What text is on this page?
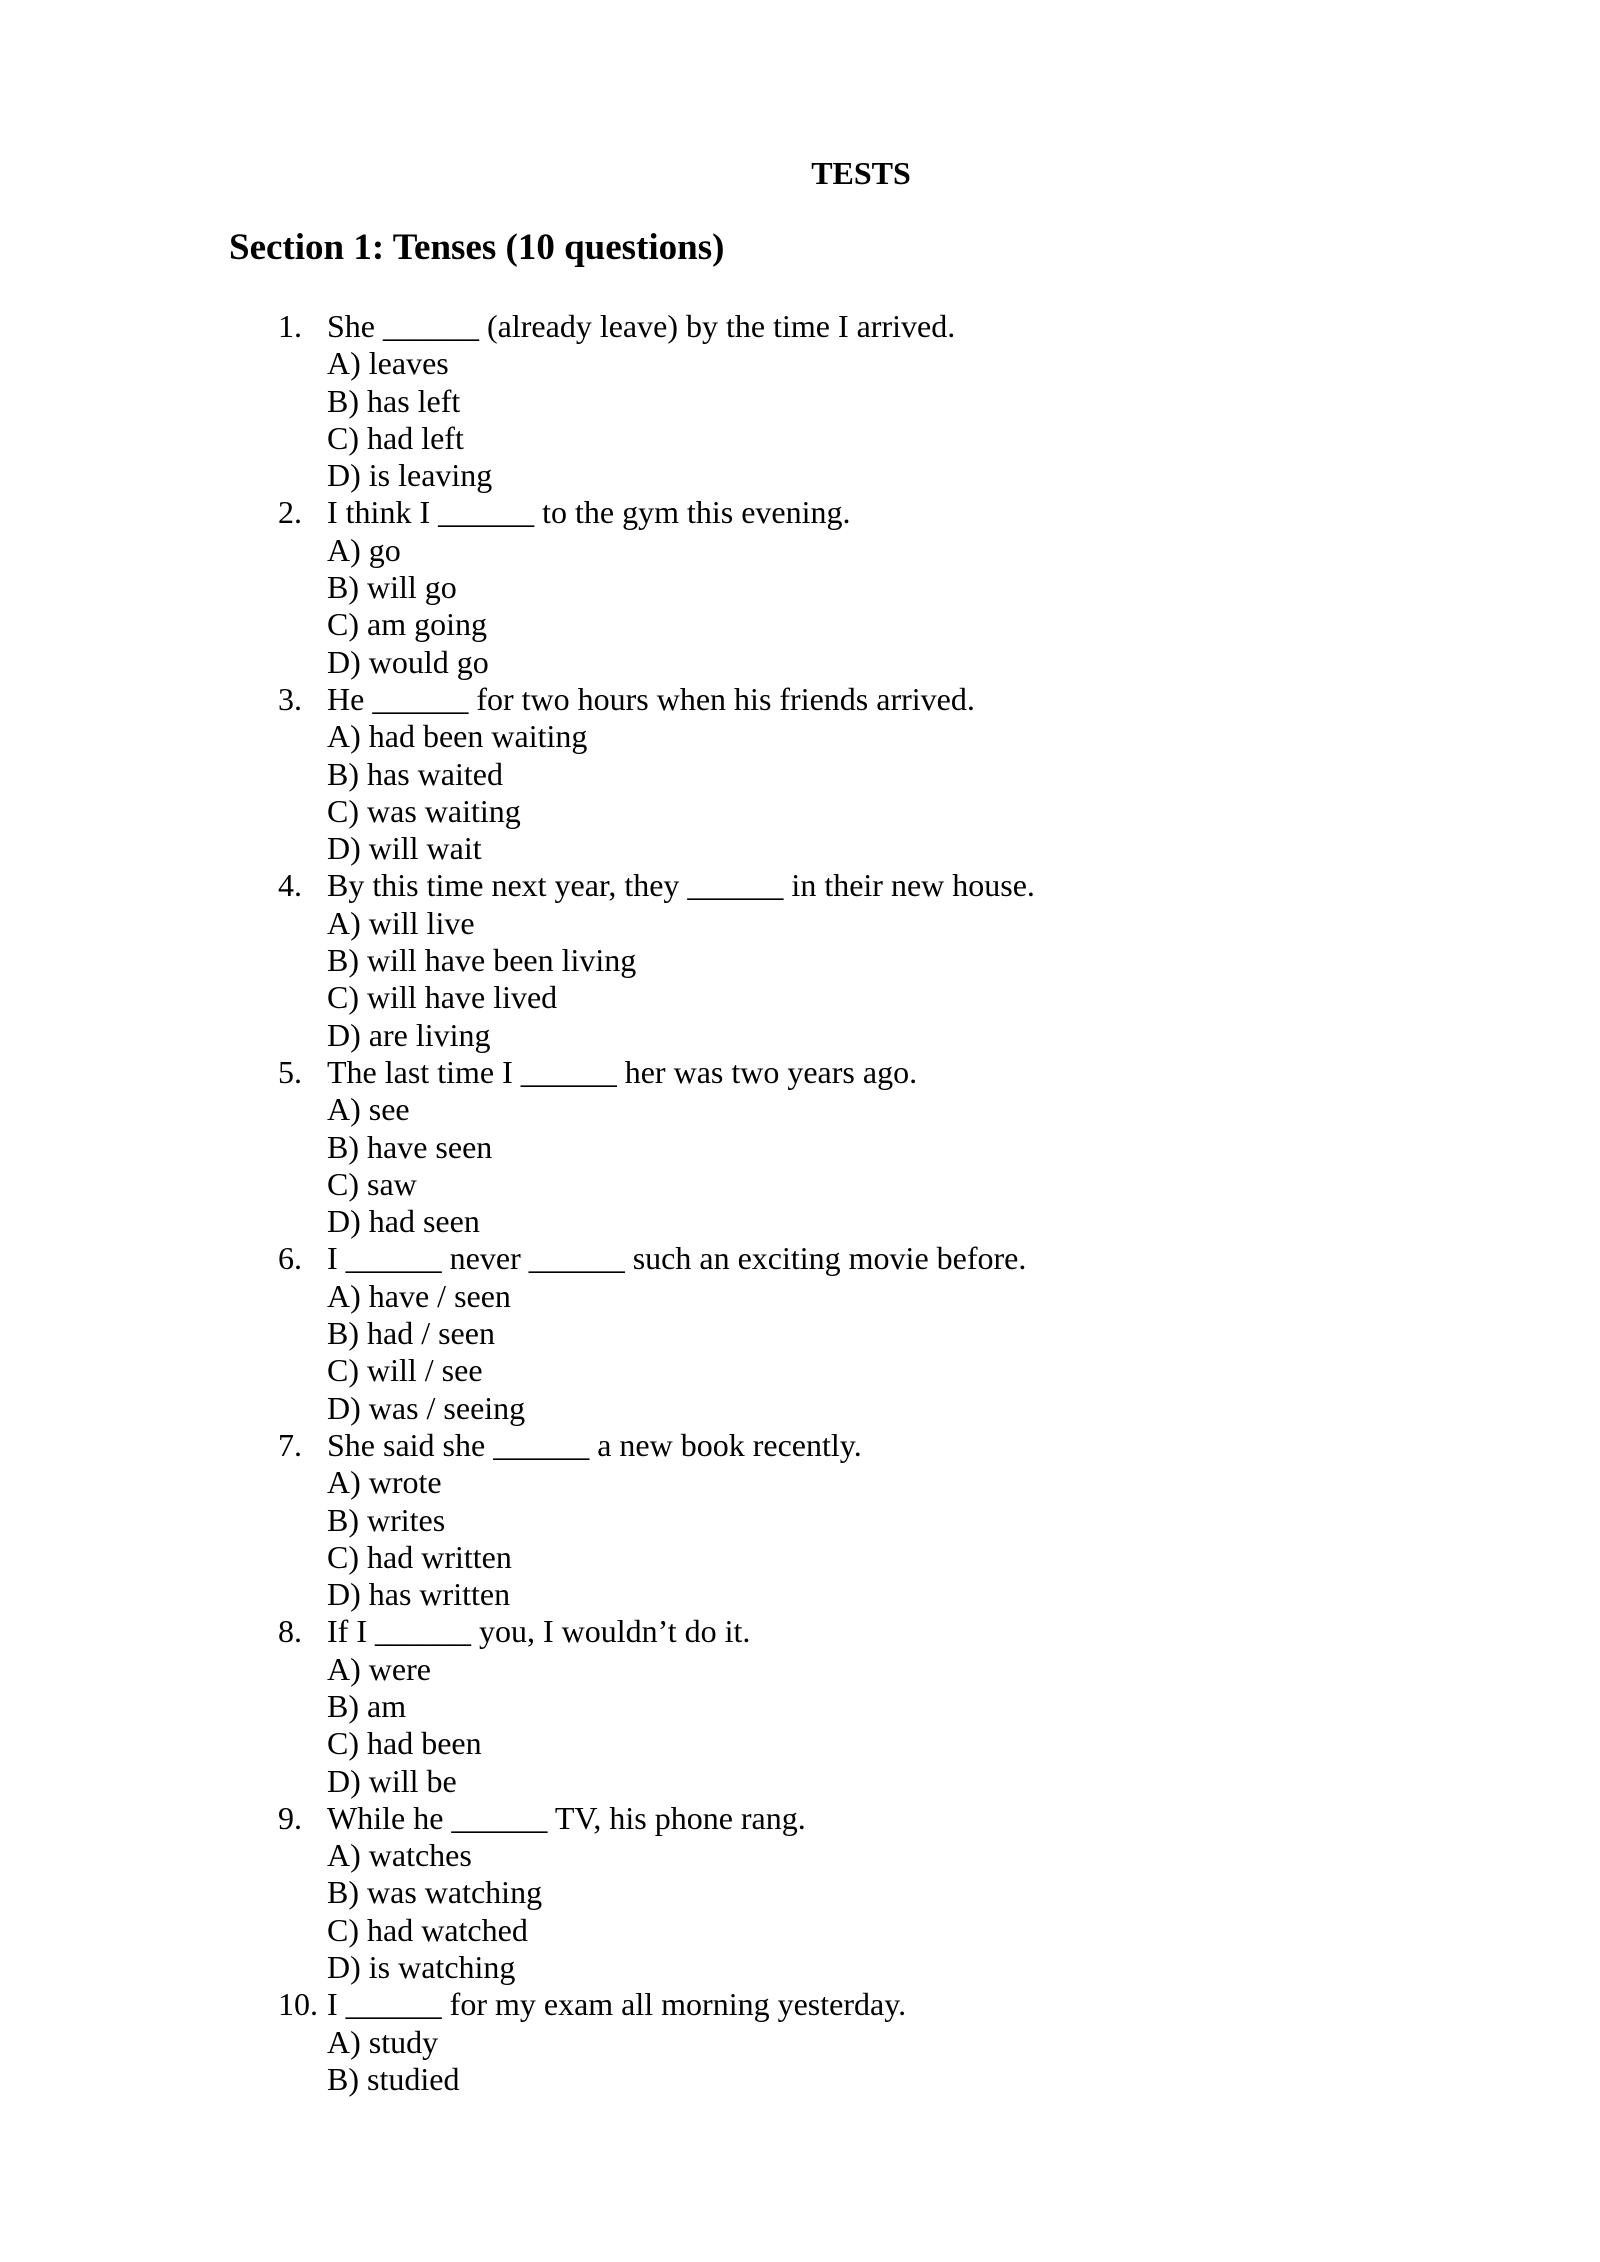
TESTS
Section 1: Tenses (10 questions)
1. She ______ (already leave) by the time I arrived.
A) leaves
B) has left
C) had left
D) is leaving
2. I think I ______ to the gym this evening.
A) go
B) will go
C) am going
D) would go
3. He ______ for two hours when his friends arrived.
A) had been waiting
B) has waited
C) was waiting
D) will wait
4. By this time next year, they ______ in their new house.
A) will live
B) will have been living
C) will have lived
D) are living
5. The last time I ______ her was two years ago.
A) see
B) have seen
C) saw
D) had seen
6. I ______ never ______ such an exciting movie before.
A) have / seen
B) had / seen
C) will / see
D) was / seeing
7. She said she ______ a new book recently.
A) wrote
B) writes
C) had written
D) has written
8. If I ______ you, I wouldn’t do it.
A) were
B) am
C) had been
D) will be
9. While he ______ TV, his phone rang.
A) watches
B) was watching
C) had watched
D) is watching
10. I ______ for my exam all morning yesterday.
A) study
B) studied
